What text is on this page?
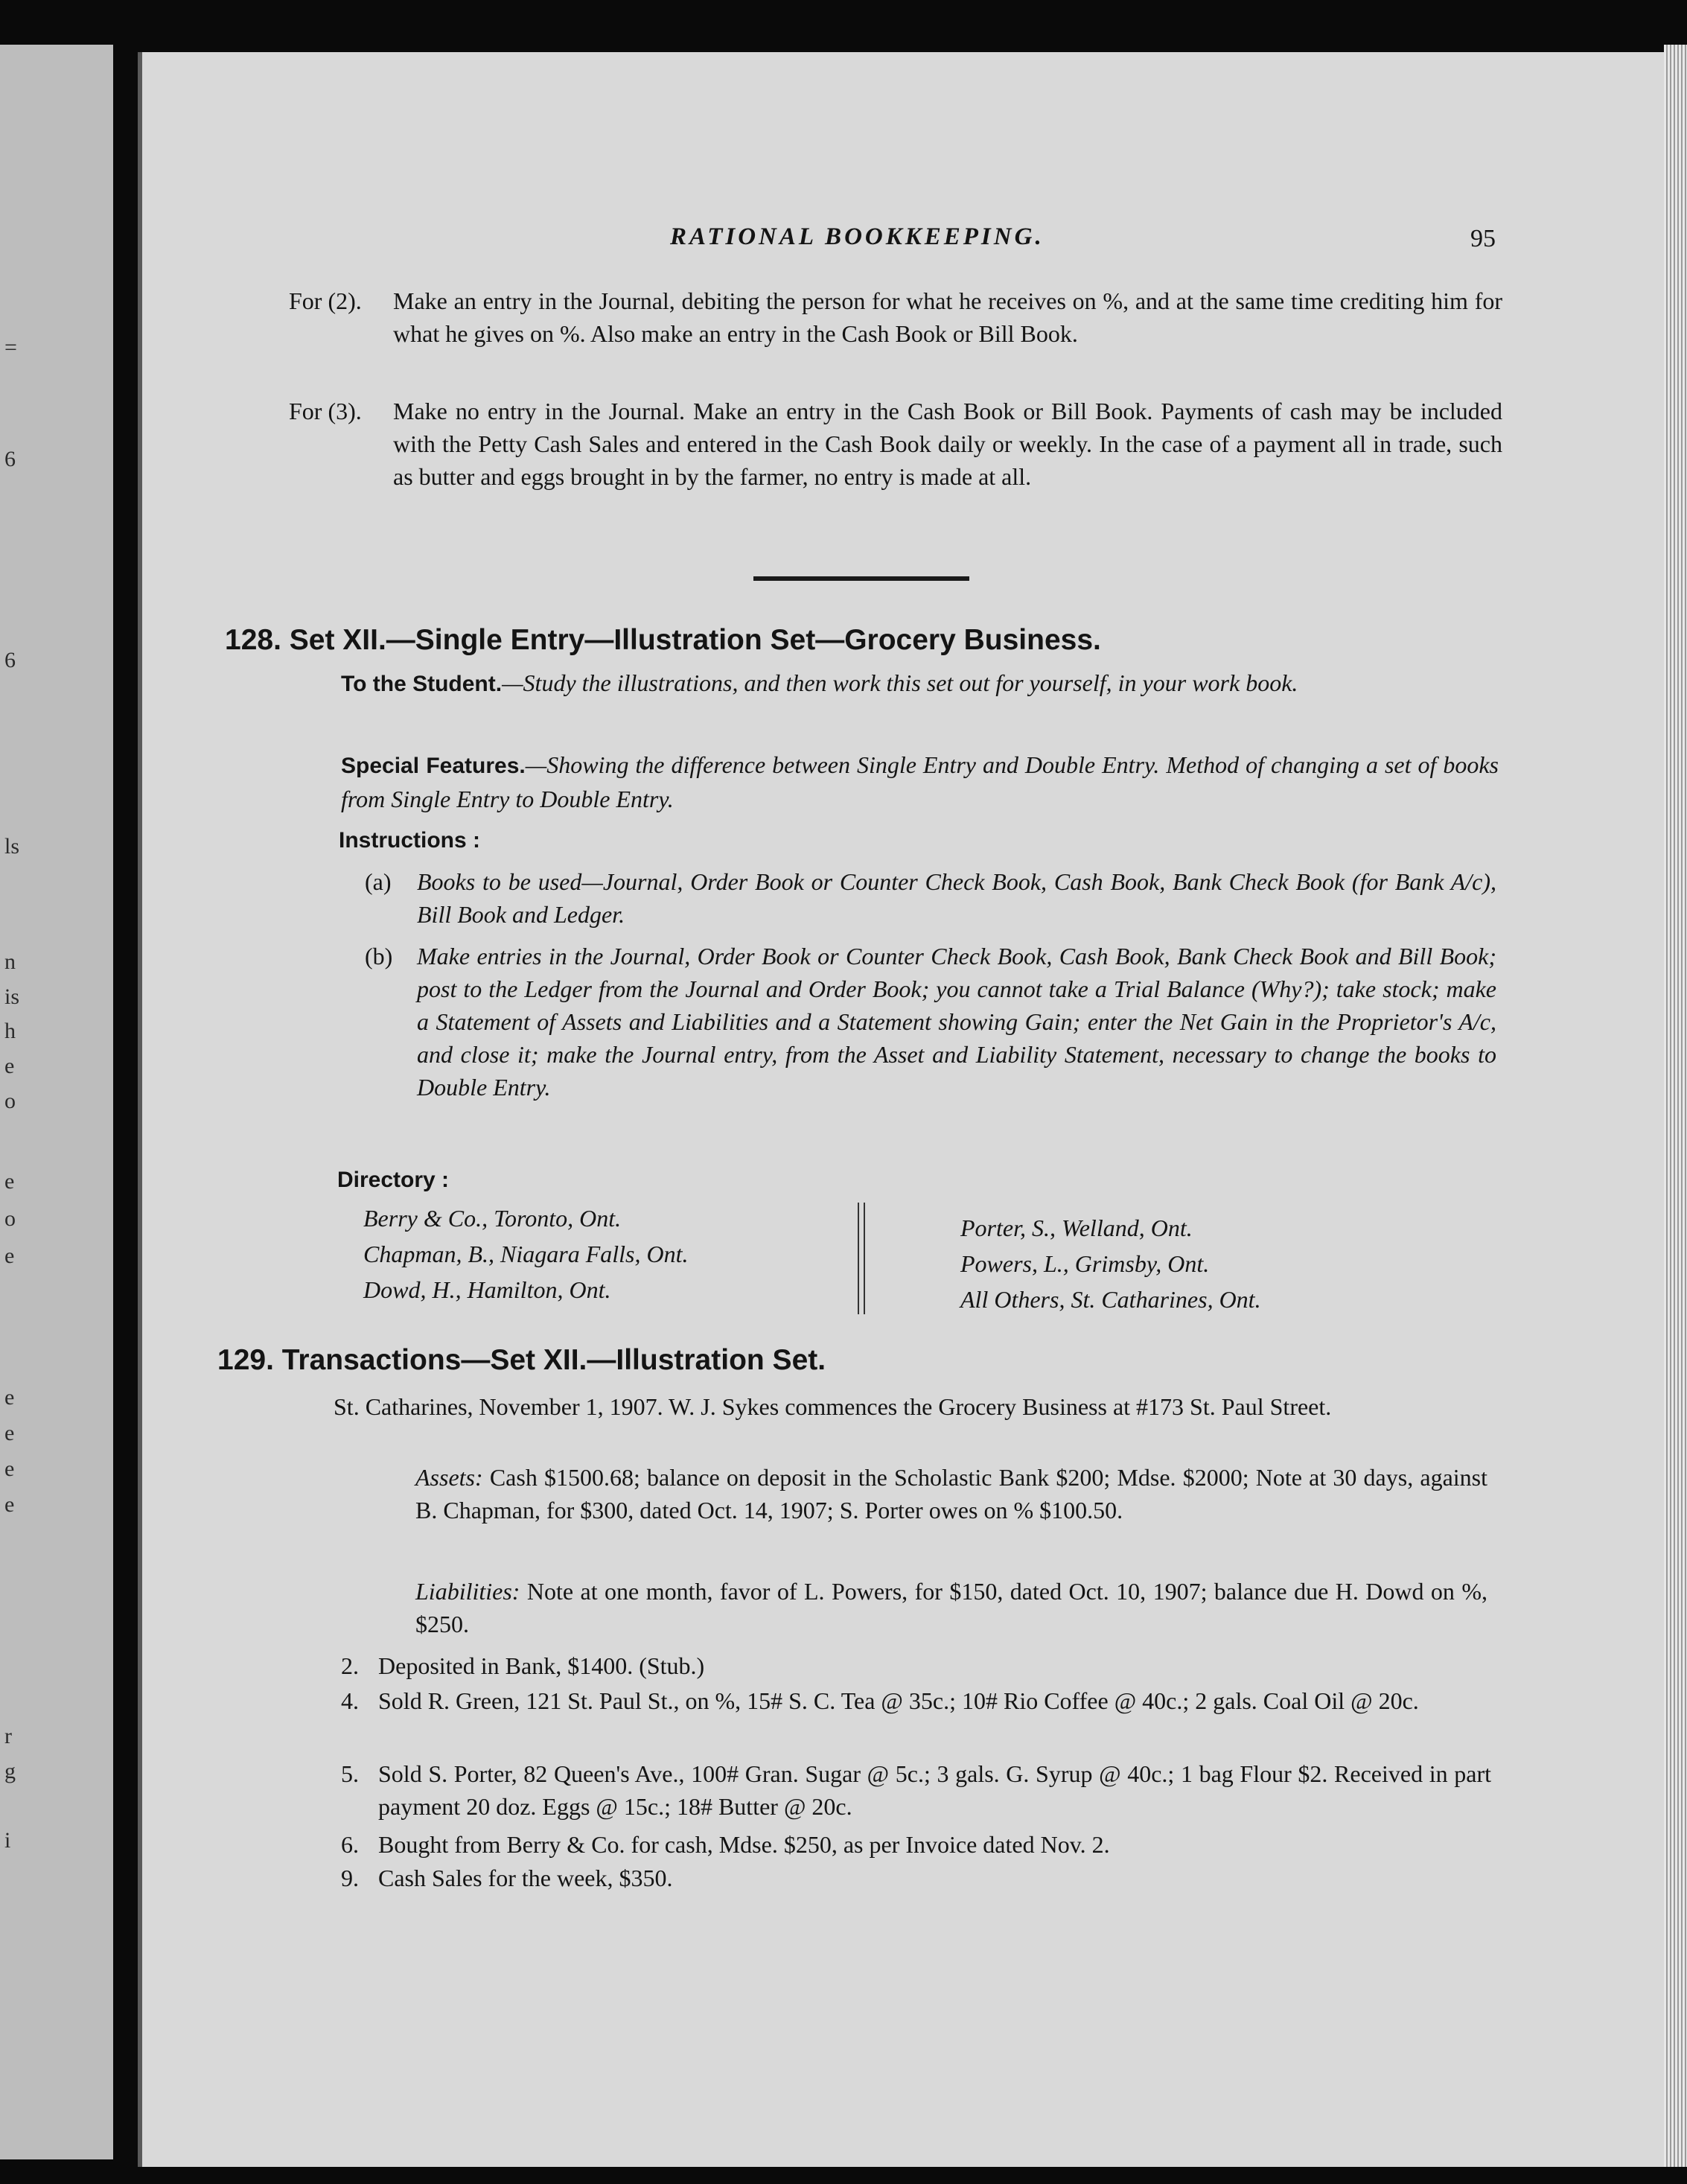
=
6
6
ls
n
is
h
e
o
e
o
e
e
e
e
e
r
g
i
RATIONAL BOOKKEEPING.	95
For (2).	Make an entry in the Journal, debiting the person for what he receives on %, and at the same time crediting him for what he gives on %. Also make an entry in the Cash Book or Bill Book.
For (3).	Make no entry in the Journal. Make an entry in the Cash Book or Bill Book. Payments of cash may be included with the Petty Cash Sales and entered in the Cash Book daily or weekly. In the case of a payment all in trade, such as butter and eggs brought in by the farmer, no entry is made at all.
128. Set XII.—Single Entry—Illustration Set—Grocery Business.
To the Student.—Study the illustrations, and then work this set out for yourself, in your work book.
Special Features.—Showing the difference between Single Entry and Double Entry. Method of changing a set of books from Single Entry to Double Entry.
Instructions :
(a)	Books to be used—Journal, Order Book or Counter Check Book, Cash Book, Bank Check Book (for Bank A/c), Bill Book and Ledger.
(b)	Make entries in the Journal, Order Book or Counter Check Book, Cash Book, Bank Check Book and Bill Book; post to the Ledger from the Journal and Order Book; you cannot take a Trial Balance (Why?); take stock; make a Statement of Assets and Liabilities and a Statement showing Gain; enter the Net Gain in the Proprietor's A/c, and close it; make the Journal entry, from the Asset and Liability Statement, necessary to change the books to Double Entry.
Directory :
Berry & Co., Toronto, Ont.
Chapman, B., Niagara Falls, Ont.
Dowd, H., Hamilton, Ont.
Porter, S., Welland, Ont.
Powers, L., Grimsby, Ont.
All Others, St. Catharines, Ont.
129. Transactions—Set XII.—Illustration Set.
St. Catharines, November 1, 1907. W. J. Sykes commences the Grocery Business at #173 St. Paul Street.
Assets: Cash $1500.68; balance on deposit in the Scholastic Bank $200; Mdse. $2000; Note at 30 days, against B. Chapman, for $300, dated Oct. 14, 1907; S. Porter owes on % $100.50.
Liabilities: Note at one month, favor of L. Powers, for $150, dated Oct. 10, 1907; balance due H. Dowd on %, $250.
2. Deposited in Bank, $1400. (Stub.)
4. Sold R. Green, 121 St. Paul St., on %, 15# S. C. Tea @ 35c.; 10# Rio Coffee @ 40c.; 2 gals. Coal Oil @ 20c.
5. Sold S. Porter, 82 Queen's Ave., 100# Gran. Sugar @ 5c.; 3 gals. G. Syrup @ 40c.; 1 bag Flour $2. Received in part payment 20 doz. Eggs @ 15c.; 18# Butter @ 20c.
6. Bought from Berry & Co. for cash, Mdse. $250, as per Invoice dated Nov. 2.
9. Cash Sales for the week, $350.
